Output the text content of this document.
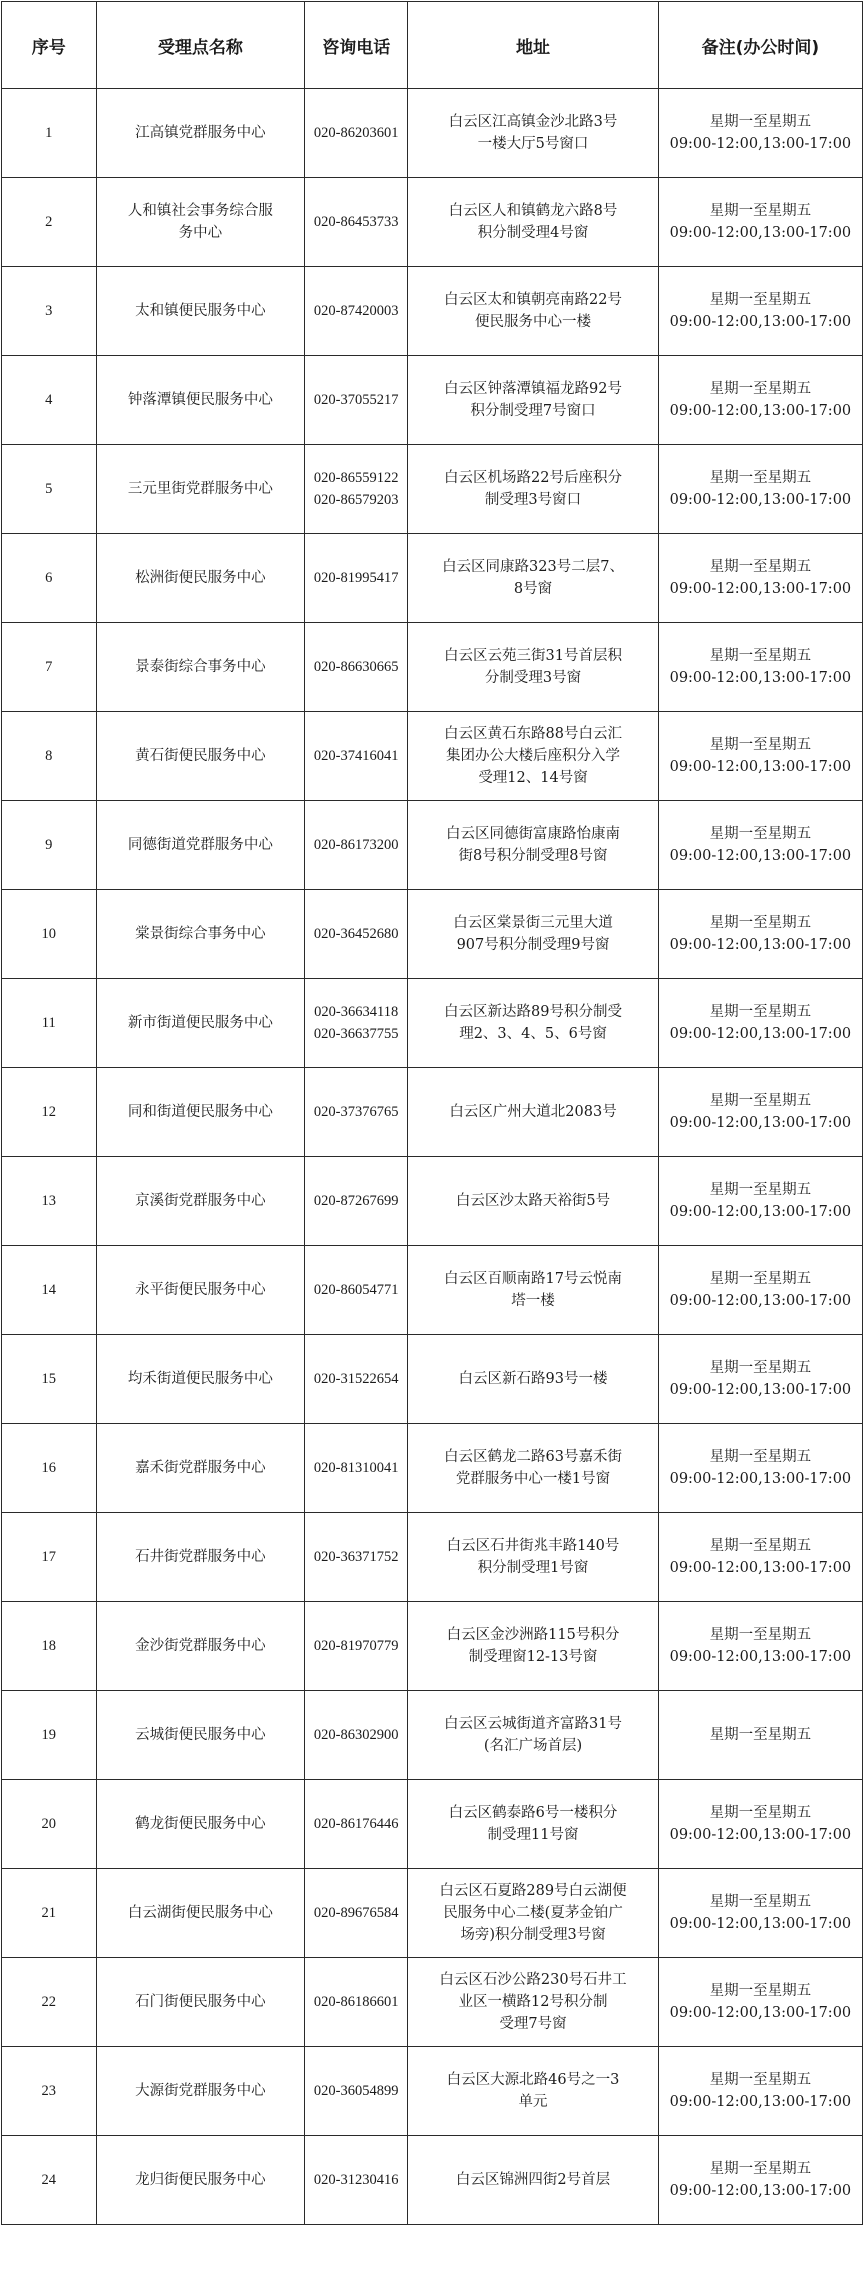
序号	受理点名称	咨询电话	地址	备注(办公时间)
1	江高镇党群服务中心	020-86203601	白云区江高镇金沙北路3号
一楼大厅5号窗口	星期一至星期五
09:00-12:00,13:00-17:00
2	人和镇社会事务综合服
务中心	020-86453733	白云区人和镇鹤龙六路8号
积分制受理4号窗	星期一至星期五
09:00-12:00,13:00-17:00
3	太和镇便民服务中心	020-87420003	白云区太和镇朝亮南路22号
便民服务中心一楼	星期一至星期五
09:00-12:00,13:00-17:00
4	钟落潭镇便民服务中心	020-37055217	白云区钟落潭镇福龙路92号
积分制受理7号窗口	星期一至星期五
09:00-12:00,13:00-17:00
5	三元里街党群服务中心	020-86559122
020-86579203	白云区机场路22号后座积分
制受理3号窗口	星期一至星期五
09:00-12:00,13:00-17:00
6	松洲街便民服务中心	020-81995417	白云区同康路323号二层7、
8号窗	星期一至星期五
09:00-12:00,13:00-17:00
7	景泰街综合事务中心	020-86630665	白云区云苑三街31号首层积
分制受理3号窗	星期一至星期五
09:00-12:00,13:00-17:00
8	黄石街便民服务中心	020-37416041	白云区黄石东路88号白云汇
集团办公大楼后座积分入学
受理12、14号窗	星期一至星期五
09:00-12:00,13:00-17:00
9	同德街道党群服务中心	020-86173200	白云区同德街富康路怡康南
街8号积分制受理8号窗	星期一至星期五
09:00-12:00,13:00-17:00
10	棠景街综合事务中心	020-36452680	白云区棠景街三元里大道
907号积分制受理9号窗	星期一至星期五
09:00-12:00,13:00-17:00
11	新市街道便民服务中心	020-36634118
020-36637755	白云区新达路89号积分制受
理2、3、4、5、6号窗	星期一至星期五
09:00-12:00,13:00-17:00
12	同和街道便民服务中心	020-37376765	白云区广州大道北2083号	星期一至星期五
09:00-12:00,13:00-17:00
13	京溪街党群服务中心	020-87267699	白云区沙太路天裕街5号	星期一至星期五
09:00-12:00,13:00-17:00
14	永平街便民服务中心	020-86054771	白云区百顺南路17号云悦南
塔一楼	星期一至星期五
09:00-12:00,13:00-17:00
15	均禾街道便民服务中心	020-31522654	白云区新石路93号一楼	星期一至星期五
09:00-12:00,13:00-17:00
16	嘉禾街党群服务中心	020-81310041	白云区鹤龙二路63号嘉禾街
党群服务中心一楼1号窗	星期一至星期五
09:00-12:00,13:00-17:00
17	石井街党群服务中心	020-36371752	白云区石井街兆丰路140号
积分制受理1号窗	星期一至星期五
09:00-12:00,13:00-17:00
18	金沙街党群服务中心	020-81970779	白云区金沙洲路115号积分
制受理窗12-13号窗	星期一至星期五
09:00-12:00,13:00-17:00
19	云城街便民服务中心	020-86302900	白云区云城街道齐富路31号
(名汇广场首层)	星期一至星期五
20	鹤龙街便民服务中心	020-86176446	白云区鹤泰路6号一楼积分
制受理11号窗	星期一至星期五
09:00-12:00,13:00-17:00
21	白云湖街便民服务中心	020-89676584	白云区石夏路289号白云湖便
民服务中心二楼(夏茅金铂广
场旁)积分制受理3号窗	星期一至星期五
09:00-12:00,13:00-17:00
22	石门街便民服务中心	020-86186601	白云区石沙公路230号石井工
业区一横路12号积分制
受理7号窗	星期一至星期五
09:00-12:00,13:00-17:00
23	大源街党群服务中心	020-36054899	白云区大源北路46号之一3
单元	星期一至星期五
09:00-12:00,13:00-17:00
24	龙归街便民服务中心	020-31230416	白云区锦洲四街2号首层	星期一至星期五
09:00-12:00,13:00-17:00
